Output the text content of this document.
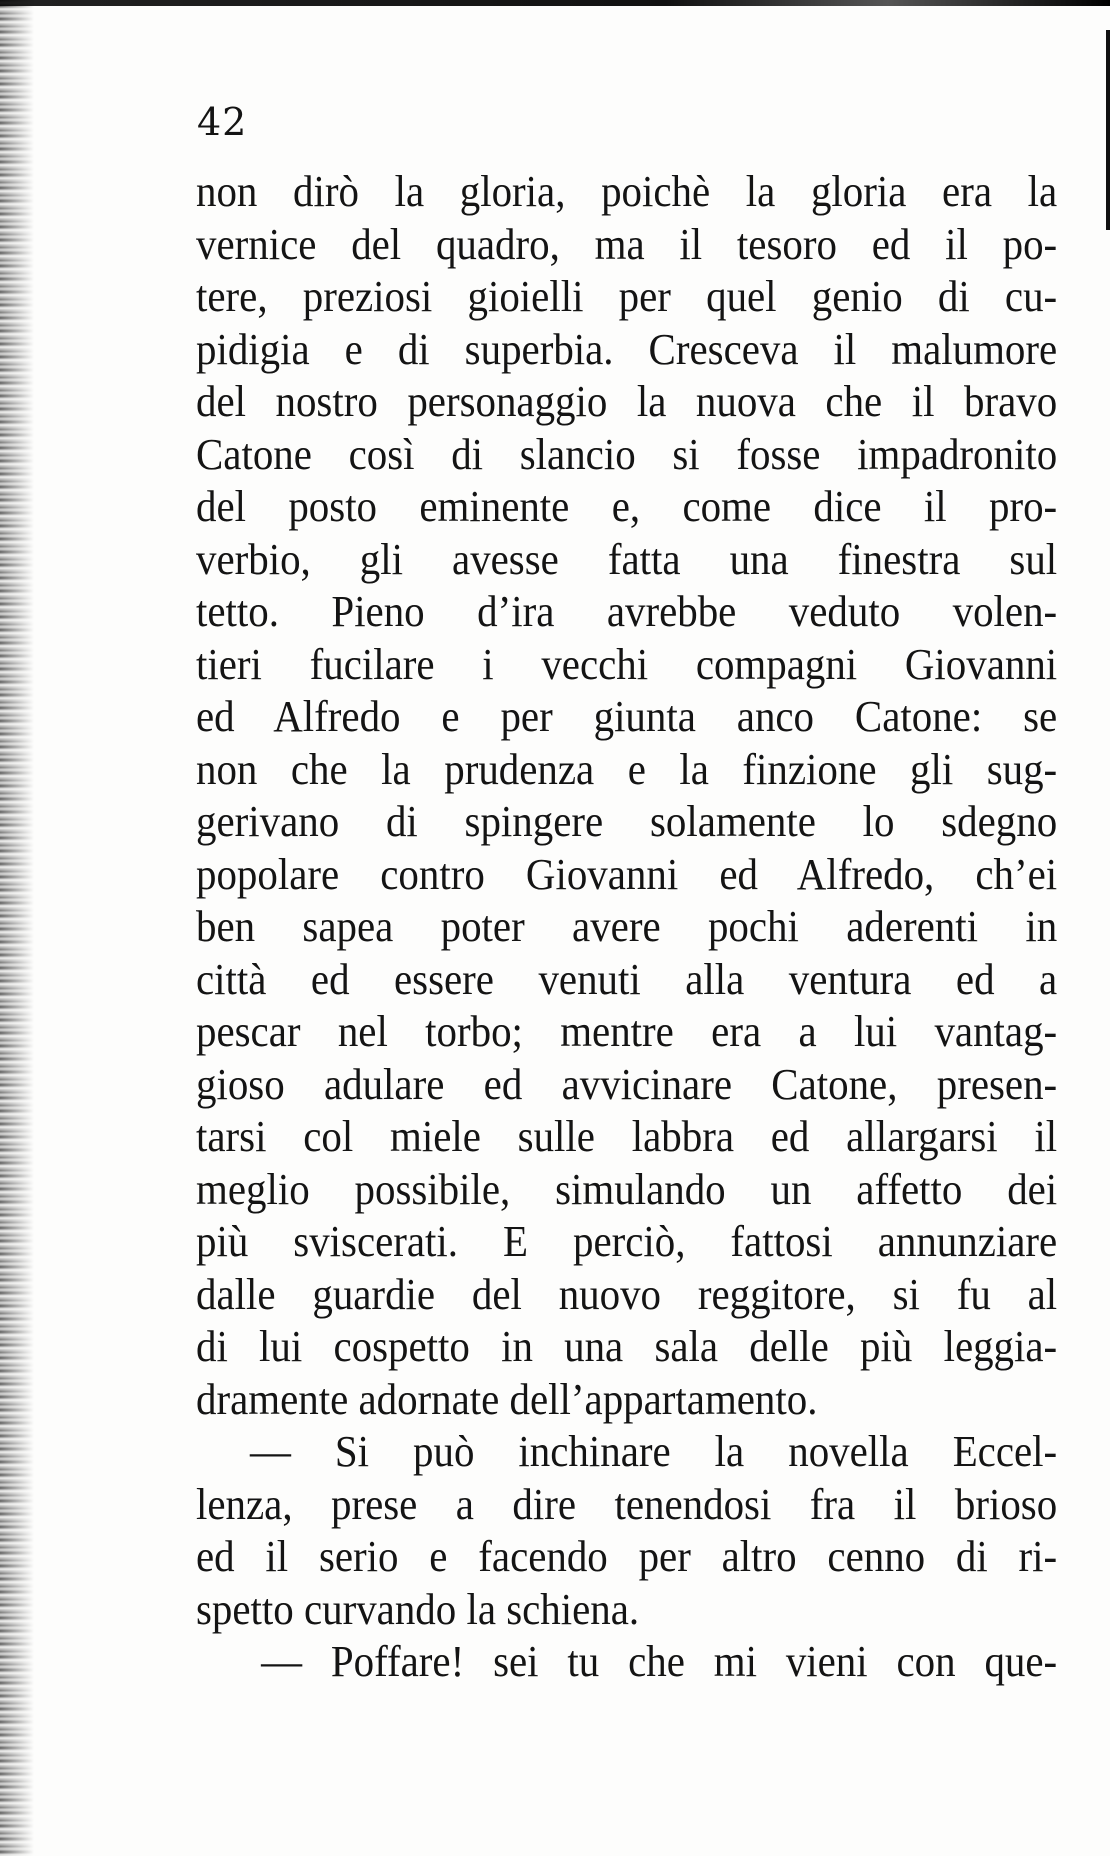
42
non dirò la gloria, poichè la gloria era la
vernice del quadro, ma il tesoro ed il po-
tere, preziosi gioielli per quel genio di cu-
pidigia e di superbia. Cresceva il malumore
del nostro personaggio la nuova che il bravo
Catone così di slancio si fosse impadronito
del posto eminente e, come dice il pro-
verbio, gli avesse fatta una finestra sul
tetto. Pieno d’ira avrebbe veduto volen-
tieri fucilare i vecchi compagni Giovanni
ed Alfredo e per giunta anco Catone: se
non che la prudenza e la finzione gli sug-
gerivano di spingere solamente lo sdegno
popolare contro Giovanni ed Alfredo, ch’ei
ben sapea poter avere pochi aderenti in
città ed essere venuti alla ventura ed a
pescar nel torbo; mentre era a lui vantag-
gioso adulare ed avvicinare Catone, presen-
tarsi col miele sulle labbra ed allargarsi il
meglio possibile, simulando un affetto dei
più sviscerati. E perciò, fattosi annunziare
dalle guardie del nuovo reggitore, si fu al
di lui cospetto in una sala delle più leggia-
dramente adornate dell’appartamento.
— Si può inchinare la novella Eccel-
lenza, prese a dire tenendosi fra il brioso
ed il serio e facendo per altro cenno di ri-
spetto curvando la schiena.
— Poffare! sei tu che mi vieni con que-
